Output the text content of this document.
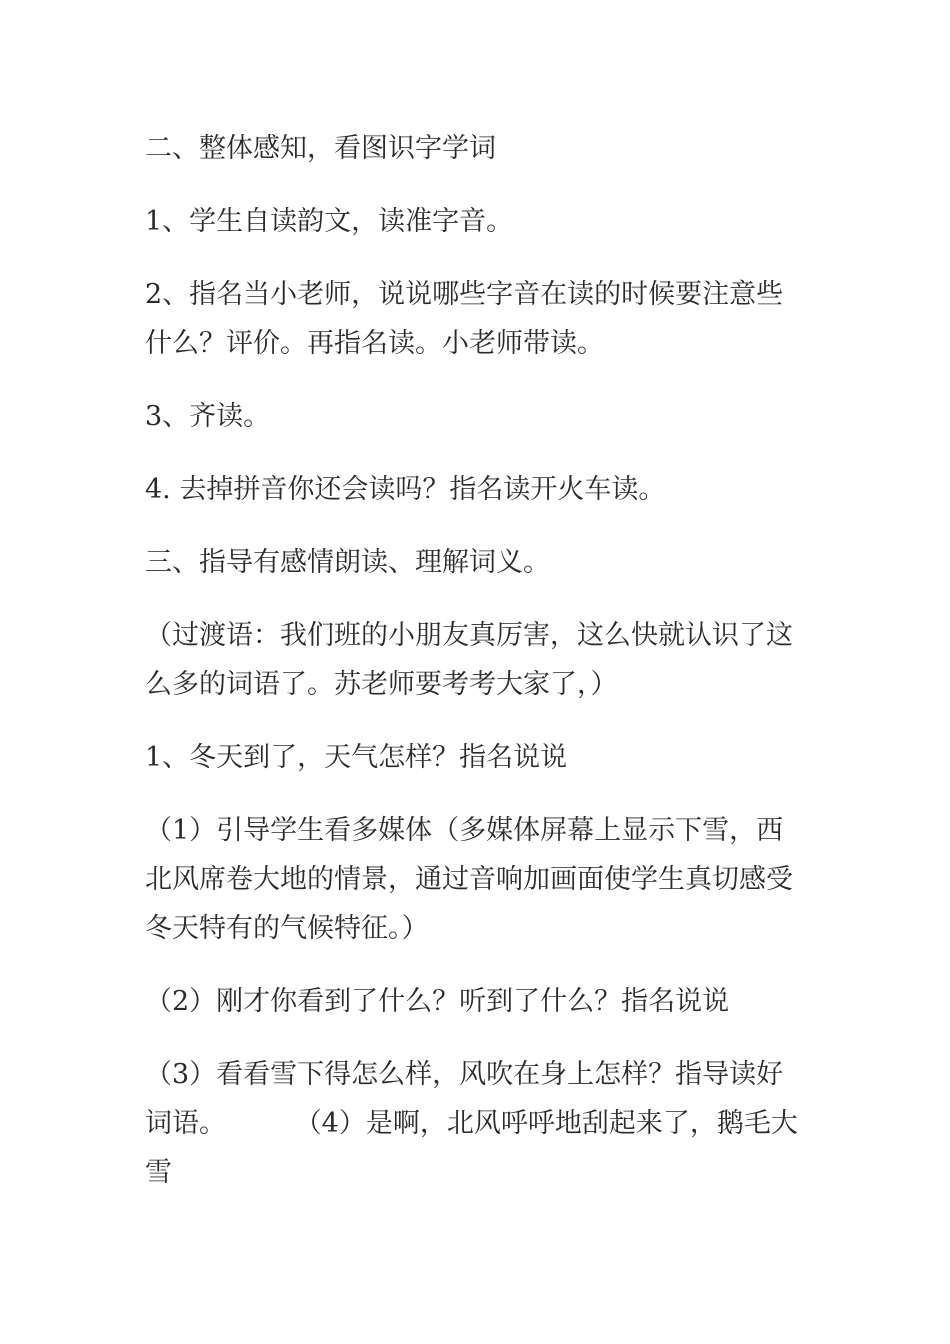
二、整体感知，看图识字学词

1、学生自读韵文，读准字音。

2、指名当小老师，说说哪些字音在读的时候要注意些什么？评价。再指名读。小老师带读。

3、齐读。

4. 去掉拼音你还会读吗？指名读开火车读。

三、指导有感情朗读、理解词义。

（过渡语：我们班的小朋友真厉害，这么快就认识了这么多的词语了。苏老师要考考大家了，）

1、冬天到了，天气怎样？指名说说

（1）引导学生看多媒体（多媒体屏幕上显示下雪，西北风席卷大地的情景，通过音响加画面使学生真切感受冬天特有的气候特征。）

（2）刚才你看到了什么？听到了什么？指名说说

（3）看看雪下得怎么样，风吹在身上怎样？指导读好词语。        （4）是啊，北风呼呼地刮起来了，鹅毛大雪
